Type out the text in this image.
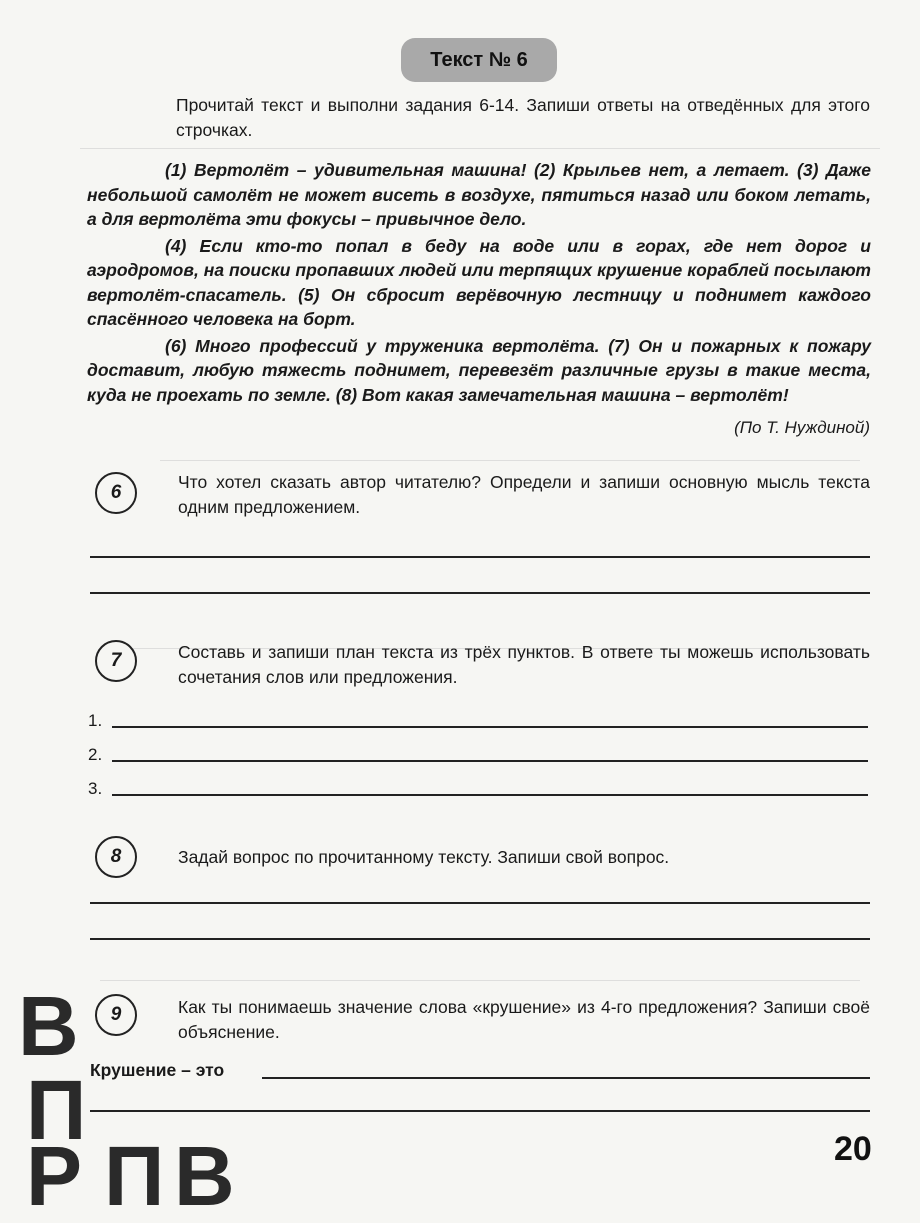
Текст № 6
Прочитай текст и выполни задания 6-14. Запиши ответы на отведённых для этого строчках.

(1) Вертолёт – удивительная машина! (2) Крыльев нет, а летает. (3) Даже небольшой самолёт не может висеть в воздухе, пятиться назад или боком летать, а для вертолёта эти фокусы – привычное дело.

(4) Если кто-то попал в беду на воде или в горах, где нет дорог и аэродромов, на поиски пропавших людей или терпящих крушение кораблей посылают вертолёт-спасатель. (5) Он сбросит верёвочную лестницу и поднимет каждого спасённого человека на борт.

(6) Много профессий у труженика вертолёта. (7) Он и пожарных к пожару доставит, любую тяжесть поднимет, перевезёт различные грузы в такие места, куда не проехать по земле. (8) Вот какая замечательная машина – вертолёт!

(По Т. Нуждиной)
6	Что хотел сказать автор читателю? Определи и запиши основную мысль текста одним предложением.
7	Составь и запиши план текста из трёх пунктов. В ответе ты можешь использовать сочетания слов или предложения.
1.
2.
3.
8	Задай вопрос по прочитанному тексту. Запиши свой вопрос.
9	Как ты понимаешь значение слова «крушение» из 4-го предложения? Запиши своё объяснение.
Крушение – это
В
П
Р П В	20
